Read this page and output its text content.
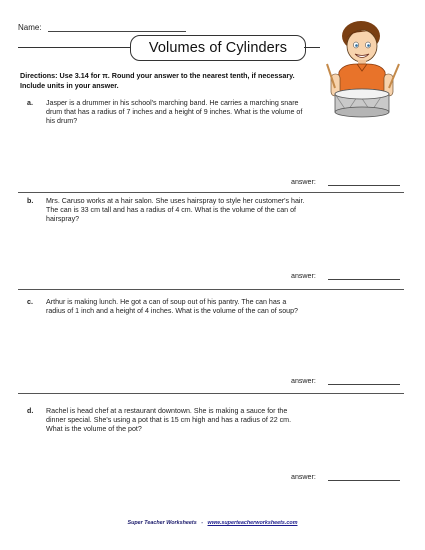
Name:
Volumes of Cylinders
Directions: Use 3.14 for π. Round your answer to the nearest tenth, if necessary. Include units in your answer.
a. Jasper is a drummer in his school's marching band. He carries a marching snare drum that has a radius of 7 inches and a height of 9 inches. What is the volume of his drum?
answer:
b. Mrs. Caruso works at a hair salon. She uses hairspray to style her customer's hair. The can is 33 cm tall and has a radius of 4 cm. What is the volume of the can of hairspray?
answer:
c. Arthur is making lunch. He got a can of soup out of his pantry. The can has a radius of 1 inch and a height of 4 inches. What is the volume of the can of soup?
answer:
d. Rachel is head chef at a restaurant downtown. She is making a sauce for the dinner special. She's using a pot that is 15 cm high and has a radius of 22 cm. What is the volume of the pot?
answer:
Super Teacher Worksheets - www.superteacherworksheets.com
